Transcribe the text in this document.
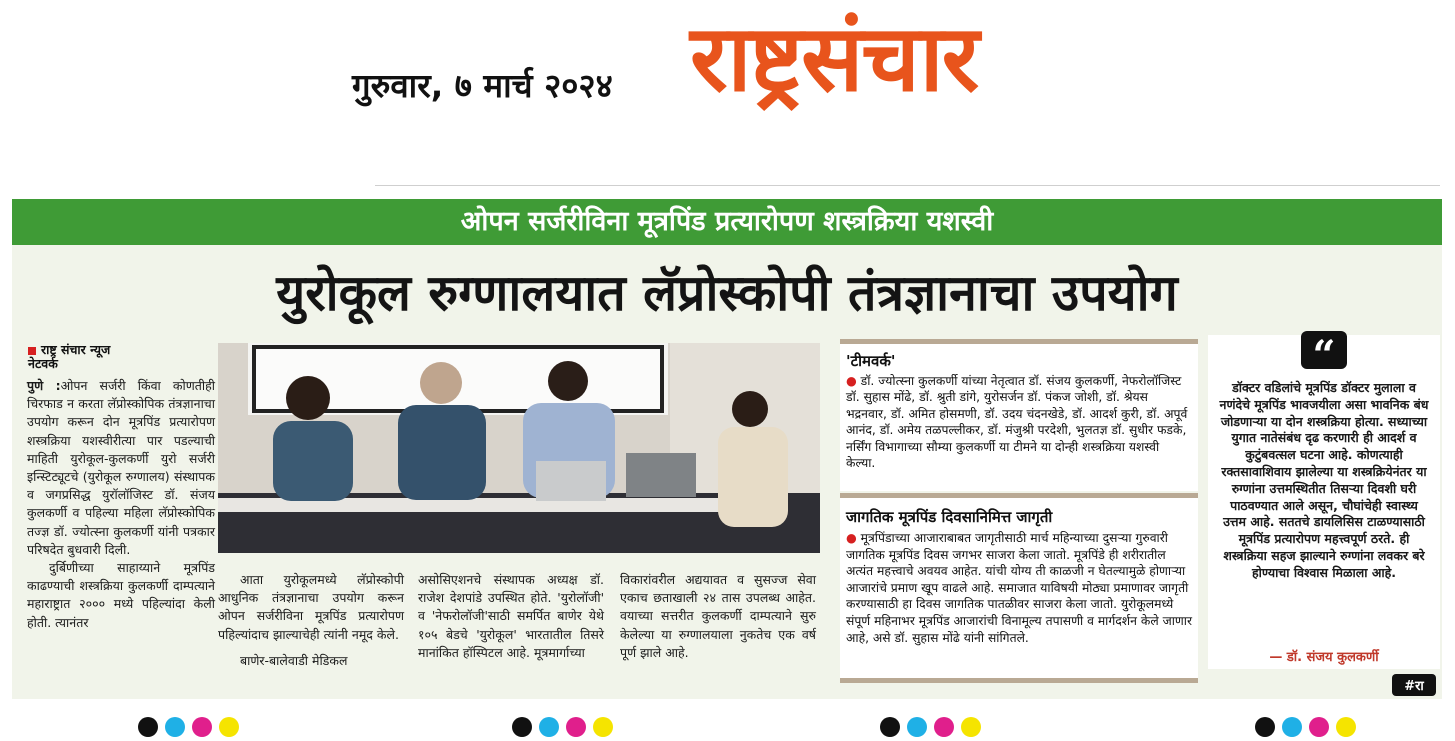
गुरुवार, ७ मार्च २०२४ राष्ट्रसंचार
ओपन सर्जरीविना मूत्रपिंड प्रत्यारोपण शस्त्रक्रिया यशस्वी
युरोकूल रुग्णालयात लॅप्रोस्कोपी तंत्रज्ञानाचा उपयोग
राष्ट्र संचार न्यूज
नेटवर्क

पुणे :ओपन सर्जरी किंवा कोणतीही चिरफाड न करता लॅप्रोस्कोपिक तंत्रज्ञानाचा उपयोग करून दोन मूत्रपिंड प्रत्यारोपण शस्त्रक्रिया यशस्वीरीत्या पार पडल्याची माहिती युरोकूल-कुलकर्णी युरो सर्जरी इन्स्टिट्यूटचे (युरोकूल रुग्णालय) संस्थापक व जगप्रसिद्ध युरॉलॉजिस्ट डॉ. संजय कुलकर्णी व पहिल्या महिला लॅप्रोस्कोपिक तज्ज्ञ डॉ. ज्योत्स्ना कुलकर्णी यांनी पत्रकार परिषदेत बुधवारी दिली.

दुर्बिणीच्या साहाय्याने मूत्रपिंड काढण्याची शस्त्रक्रिया कुलकर्णी दाम्पत्याने महाराष्ट्रात २००० मध्ये पहिल्यांदा केली होती. त्यानंतर

आता युरोकूलमध्ये लॅप्रोस्कोपी आधुनिक तंत्रज्ञानाचा उपयोग करून ओपन सर्जरीविना मूत्रपिंड प्रत्यारोपण पहिल्यांदाच झाल्याचेही त्यांनी नमूद केले.

बाणेर-बालेवाडी मेडिकल

असोसिएशनचे संस्थापक अध्यक्ष डॉ. राजेश देशपांडे उपस्थित होते. 'युरोलॉजी' व 'नेफरोलॉजी'साठी समर्पित बाणेर येथे १०५ बेडचे 'युरोकूल' भारतातील तिसरे मानांकित हॉस्पिटल आहे. मूत्रमार्गाच्या

विकारांवरील अद्ययावत व सुसज्ज सेवा एकाच छताखाली २४ तास उपलब्ध आहेत. वयाच्या सत्तरीत कुलकर्णी दाम्पत्याने सुरु केलेल्या या रुग्णालयाला नुकतेच एक वर्ष पूर्ण झाले आहे.

'टीमवर्क'
● डॉ. ज्योत्स्ना कुलकर्णी यांच्या नेतृत्वात डॉ. संजय कुलकर्णी, नेफरोलॉजिस्ट डॉ. सुहास मोंढे, डॉ. श्रुती डांगे, युरोसर्जन डॉ. पंकज जोशी, डॉ. श्रेयस भद्रनवार, डॉ. अमित होसमणी, डॉ. उदय चंदनखेडे, डॉ. आदर्श कुरी, डॉ. अपूर्व आनंद, डॉ. अमेय तळपल्लीकर, डॉ. मंजुश्री परदेशी, भुलतज्ञ डॉ. सुधीर फडके, नर्सिंग विभागाच्या सौम्या कुलकर्णी या टीमने या दोन्ही शस्त्रक्रिया यशस्वी केल्या.
जागतिक मूत्रपिंड दिवसानिमित्त जागृती
● मूत्रपिंडाच्या आजाराबाबत जागृतीसाठी मार्च महिन्याच्या दुसऱ्या गुरुवारी जागतिक मूत्रपिंड दिवस जगभर साजरा केला जातो. मूत्रपिंडे ही शरीरातील अत्यंत महत्त्वाचे अवयव आहेत. यांची योग्य ती काळजी न घेतल्यामुळे होणाऱ्या आजारांचे प्रमाण खूप वाढले आहे. समाजात याविषयी मोठ्या प्रमाणावर जागृती करण्यासाठी हा दिवस जागतिक पातळीवर साजरा केला जातो. युरोकूलमध्ये संपूर्ण महिनाभर मूत्रपिंड आजारांची विनामूल्य तपासणी व मार्गदर्शन केले जाणार आहे, असे डॉ. सुहास मोंढे यांनी सांगितले.
“
डॉक्टर वडिलांचे मूत्रपिंड डॉक्टर मुलाला व नणंदेचे मूत्रपिंड भावजयीला असा भावनिक बंध जोडणाऱ्या या दोन शस्त्रक्रिया होत्या. सध्याच्या युगात नातेसंबंध दृढ करणारी ही आदर्श व कुटुंबवत्सल घटना आहे. कोणत्याही रक्तसावाशिवाय झालेल्या या शस्त्रक्रियेनंतर या रुग्णांना उत्तमस्थितीत तिसऱ्या दिवशी घरी पाठवण्यात आले असून, चौघांचेही स्वास्थ्य उत्तम आहे. सततचे डायलिसिस टाळण्यासाठी मूत्रपिंड प्रत्यारोपण महत्त्वपूर्ण ठरते. ही शस्त्रक्रिया सहज झाल्याने रुग्णांना लवकर बरे होण्याचा विश्वास मिळाला आहे.
— डॉ. संजय कुलकर्णी
#रा
